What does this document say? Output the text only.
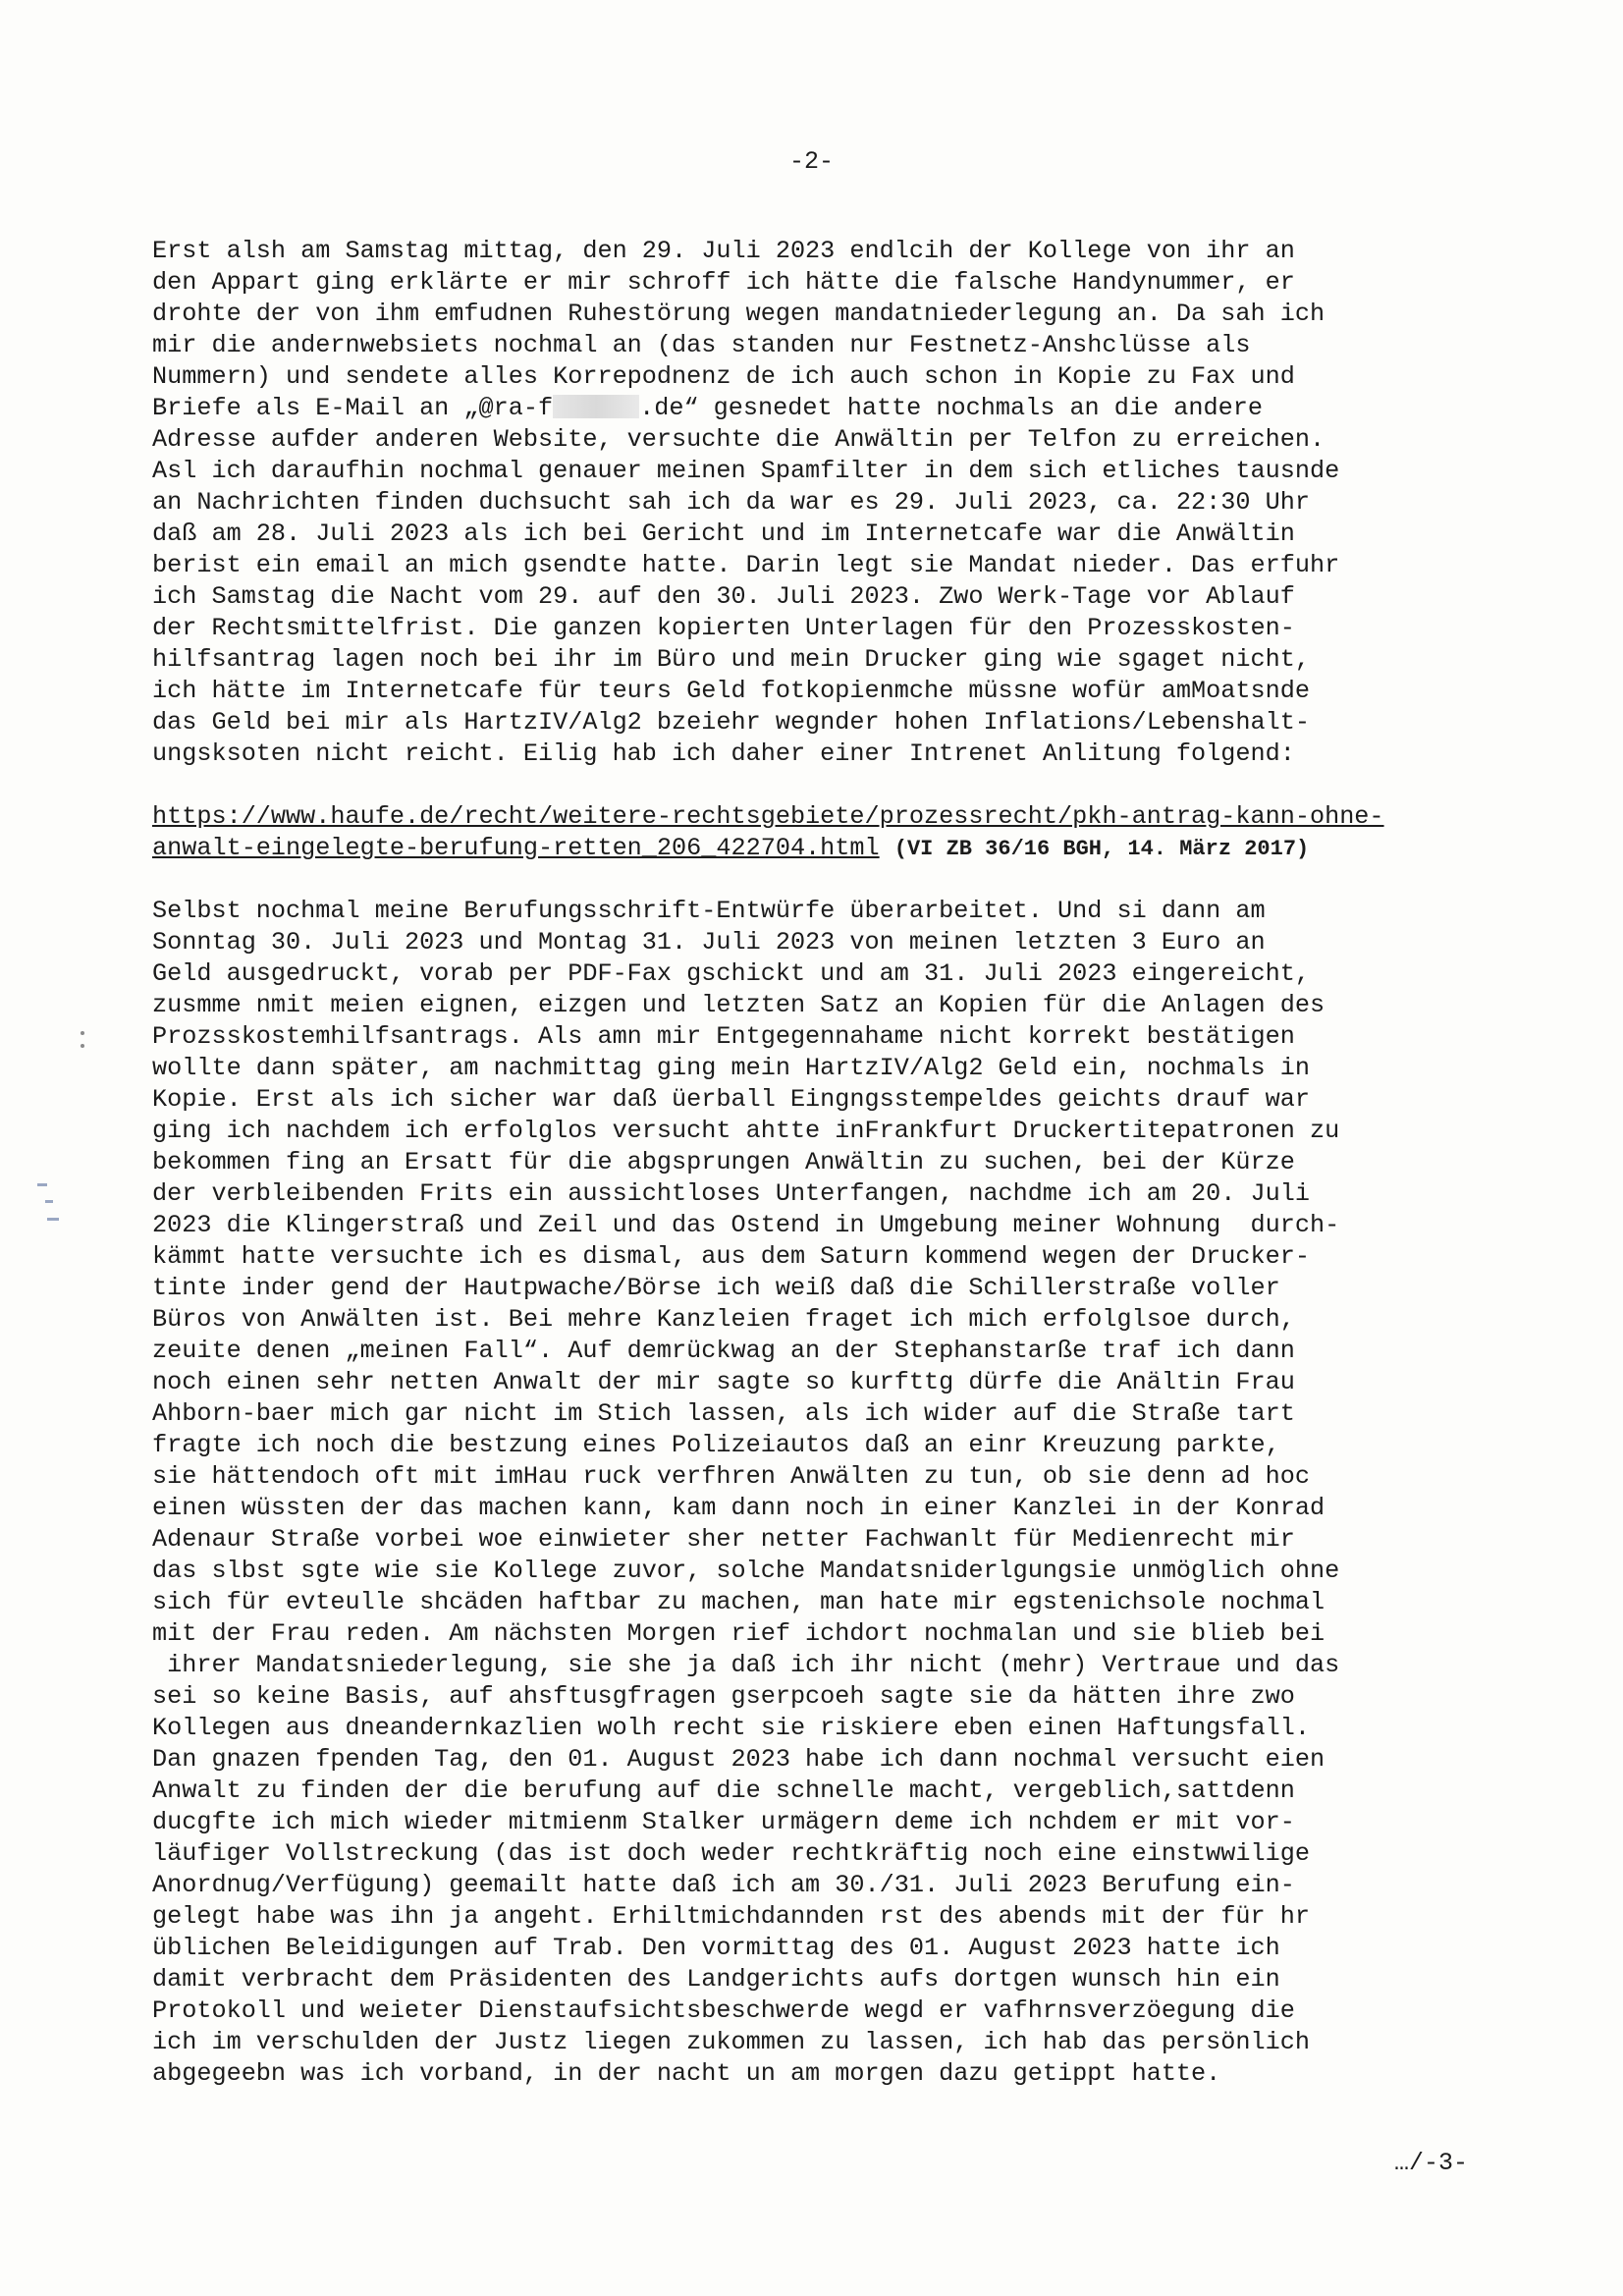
-2-
Erst alsh am Samstag mittag, den 29. Juli 2023 endlcih der Kollege von ihr an
den Appart ging erklärte er mir schroff ich hätte die falsche Handynummer, er
drohte der von ihm emfudnen Ruhestörung wegen mandatniederlegung an. Da sah ich
mir die andernwebsiets nochmal an (das standen nur Festnetz-Anshclüsse als
Nummern) und sendete alles Korrepodnenz de ich auch schon in Kopie zu Fax und
Briefe als E-Mail an „@ra-f	.de“ gesnedet hatte nochmals an die andere
Adresse aufder anderen Website, versuchte die Anwältin per Telfon zu erreichen.
Asl ich daraufhin nochmal genauer meinen Spamfilter in dem sich etliches tausnde
an Nachrichten finden duchsucht sah ich da war es 29. Juli 2023, ca. 22:30 Uhr
daß am 28. Juli 2023 als ich bei Gericht und im Internetcafe war die Anwältin
berist ein email an mich gsendte hatte. Darin legt sie Mandat nieder. Das erfuhr
ich Samstag die Nacht vom 29. auf den 30. Juli 2023. Zwo Werk-Tage vor Ablauf
der Rechtsmittelfrist. Die ganzen kopierten Unterlagen für den Prozesskosten-
hilfsantrag lagen noch bei ihr im Büro und mein Drucker ging wie sgaget nicht,
ich hätte im Internetcafe für teurs Geld fotkopienmche müssne wofür amMoatsnde
das Geld bei mir als HartzIV/Alg2 bzeiehr wegnder hohen Inflations/Lebenshalt-
ungsksoten nicht reicht. Eilig hab ich daher einer Intrenet Anlitung folgend:
https://www.haufe.de/recht/weitere-rechtsgebiete/prozessrecht/pkh-antrag-kann-ohne-
anwalt-eingelegte-berufung-retten_206_422704.html (VI ZB 36/16 BGH, 14. März 2017)
Selbst nochmal meine Berufungsschrift-Entwürfe überarbeitet. Und si dann am
Sonntag 30. Juli 2023 und Montag 31. Juli 2023 von meinen letzten 3 Euro an
Geld ausgedruckt, vorab per PDF-Fax gschickt und am 31. Juli 2023 eingereicht,
zusmme nmit meien eignen, eizgen und letzten Satz an Kopien für die Anlagen des
Prozsskostemhilfsantrags. Als amn mir Entgegennahame nicht korrekt bestätigen
wollte dann später, am nachmittag ging mein HartzIV/Alg2 Geld ein, nochmals in
Kopie. Erst als ich sicher war daß üerball Eingngsstempeldes geichts drauf war
ging ich nachdem ich erfolglos versucht ahtte inFrankfurt Druckertitepatronen zu
bekommen fing an Ersatt für die abgsprungen Anwältin zu suchen, bei der Kürze
der verbleibenden Frits ein aussichtloses Unterfangen, nachdme ich am 20. Juli
2023 die Klingerstraß und Zeil und das Ostend in Umgebung meiner Wohnung  durch-
kämmt hatte versuchte ich es dismal, aus dem Saturn kommend wegen der Drucker-
tinte inder gend der Hautpwache/Börse ich weiß daß die Schillerstraße voller
Büros von Anwälten ist. Bei mehre Kanzleien fraget ich mich erfolglsoe durch,
zeuite denen „meinen Fall“. Auf demrückwag an der Stephanstarße traf ich dann
noch einen sehr netten Anwalt der mir sagte so kurfttg dürfe die Anältin Frau
Ahborn-baer mich gar nicht im Stich lassen, als ich wider auf die Straße tart
fragte ich noch die bestzung eines Polizeiautos daß an einr Kreuzung parkte,
sie hättendoch oft mit imHau ruck verfhren Anwälten zu tun, ob sie denn ad hoc
einen wüssten der das machen kann, kam dann noch in einer Kanzlei in der Konrad
Adenaur Straße vorbei woe einwieter sher netter Fachwanlt für Medienrecht mir
das slbst sgte wie sie Kollege zuvor, solche Mandatsniderlgungsie unmöglich ohne
sich für evteulle shcäden haftbar zu machen, man hate mir egstenichsole nochmal
mit der Frau reden. Am nächsten Morgen rief ichdort nochmalan und sie blieb bei
ihrer Mandatsniederlegung, sie she ja daß ich ihr nicht (mehr) Vertraue und das
sei so keine Basis, auf ahsftusgfragen gserpcoeh sagte sie da hätten ihre zwo
Kollegen aus dneandernkazlien wolh recht sie riskiere eben einen Haftungsfall.
Dan gnazen fpenden Tag, den 01. August 2023 habe ich dann nochmal versucht eien
Anwalt zu finden der die berufung auf die schnelle macht, vergeblich,sattdenn
ducgfte ich mich wieder mitmienm Stalker urmägern deme ich nchdem er mit vor-
läufiger Vollstreckung (das ist doch weder rechtkräftig noch eine einstwwilige
Anordnug/Verfügung) geemailt hatte daß ich am 30./31. Juli 2023 Berufung ein-
gelegt habe was ihn ja angeht. Erhiltmichdannden rst des abends mit der für hr
üblichen Beleidigungen auf Trab. Den vormittag des 01. August 2023 hatte ich
damit verbracht dem Präsidenten des Landgerichts aufs dortgen wunsch hin ein
Protokoll und weieter Dienstaufsichtsbeschwerde wegd er vafhrnsverzöegung die
ich im verschulden der Justz liegen zukommen zu lassen, ich hab das persönlich
abgegeebn was ich vorband, in der nacht un am morgen dazu getippt hatte.
…/-3-
